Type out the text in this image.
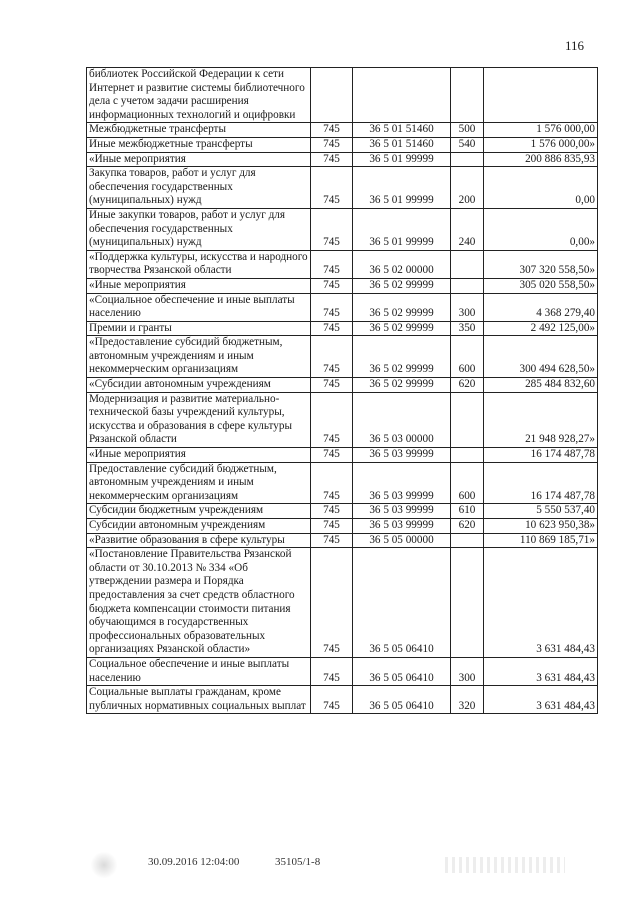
116
библиотек Российской Федерации к сети Интернет и развитие системы библиотечного дела с учетом задачи расширения информационных технологий и оцифровки				
Межбюджетные трансферты	745	36 5 01 51460	500	1 576 000,00
Иные межбюджетные трансферты	745	36 5 01 51460	540	1 576 000,00»
«Иные мероприятия	745	36 5 01 99999		200 886 835,93
Закупка товаров, работ и услуг для обеспечения государственных (муниципальных) нужд	745	36 5 01 99999	200	0,00
Иные закупки товаров, работ и услуг для обеспечения государственных (муниципальных) нужд	745	36 5 01 99999	240	0,00»
«Поддержка культуры, искусства и народного творчества Рязанской области	745	36 5 02 00000		307 320 558,50»
«Иные мероприятия	745	36 5 02 99999		305 020 558,50»
«Социальное обеспечение и иные выплаты населению	745	36 5 02 99999	300	4 368 279,40
Премии и гранты	745	36 5 02 99999	350	2 492 125,00»
«Предоставление субсидий бюджетным, автономным учреждениям и иным некоммерческим организациям	745	36 5 02 99999	600	300 494 628,50»
«Субсидии автономным учреждениям	745	36 5 02 99999	620	285 484 832,60
Модернизация и развитие материально-технической базы учреждений культуры, искусства и образования в сфере культуры Рязанской области	745	36 5 03 00000		21 948 928,27»
«Иные мероприятия	745	36 5 03 99999		16 174 487,78
Предоставление субсидий бюджетным, автономным учреждениям и иным некоммерческим организациям	745	36 5 03 99999	600	16 174 487,78
Субсидии бюджетным учреждениям	745	36 5 03 99999	610	5 550 537,40
Субсидии автономным учреждениям	745	36 5 03 99999	620	10 623 950,38»
«Развитие образования в сфере культуры	745	36 5 05 00000		110 869 185,71»
«Постановление Правительства Рязанской области от 30.10.2013 № 334 «Об утверждении размера и Порядка предоставления за счет средств областного бюджета компенсации стоимости питания обучающимся в государственных профессиональных образовательных организациях Рязанской области»	745	36 5 05 06410		3 631 484,43
Социальное обеспечение и иные выплаты населению	745	36 5 05 06410	300	3 631 484,43
Социальные выплаты гражданам, кроме публичных нормативных социальных выплат	745	36 5 05 06410	320	3 631 484,43
30.09.2016 12:04:00	35105/1-8
